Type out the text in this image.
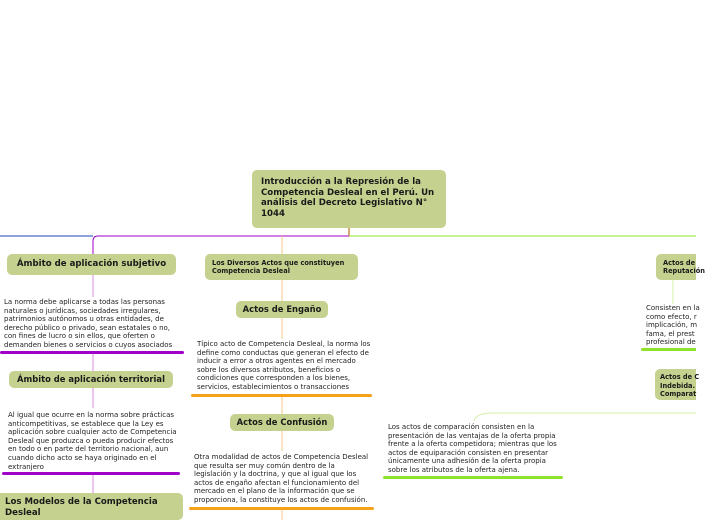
Introducción a la Represión de la Competencia Desleal en el Perú. Un análisis del Decreto Legislativo N° 1044
Ámbito de aplicación subjetivo

La norma debe aplicarse a todas las personas naturales o jurídicas, sociedades irregulares, patrimonios autónomos u otras entidades, de derecho público o privado, sean estatales o no, con fines de lucro o sin ellos, que oferten o demanden bienes o servicios o cuyos asociados

Ámbito de aplicación territorial

Al igual que ocurre en la norma sobre prácticas anticompetitivas, se establece que la Ley es aplicación sobre cualquier acto de Competencia Desleal que produzca o pueda producir efectos en todo o en parte del territorio nacional, aun cuando dicho acto se haya originado en el extranjero

Los Modelos de la Competencia Desleal
Los Diversos Actos que constituyen Competencia Desleal
Actos de Engaño

Típico acto de Competencia Desleal, la norma los define como conductas que generan el efecto de inducir a error a otros agentes en el mercado sobre los diversos atributos, beneficios o condiciones que corresponden a los bienes, servicios, establecimientos o transacciones

Actos de Confusión

Otra modalidad de actos de Competencia Desleal que resulta ser muy común dentro de la legislación y la doctrina, y que al igual que los actos de engaño afectan el funcionamiento del mercado en el plano de la información que se proporciona, la constituye los actos de confusión.

Los actos de comparación consisten en la presentación de las ventajas de la oferta propia frente a la oferta competidora; mientras que los actos de equiparación consisten en presentar únicamente una adhesión de la oferta propia sobre los atributos de la oferta ajena.

Actos de
Reputación
Consisten en la
como efecto, r
implicación, m
fama, el prest
profesional de
Actos de C
Indebida.
Comparat
